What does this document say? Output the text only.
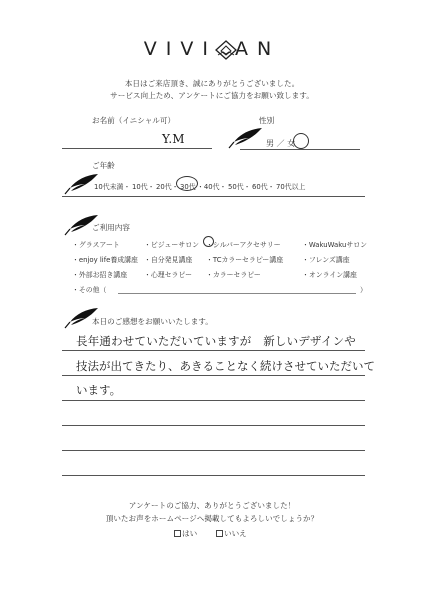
VIVI AN
本日はご来店頂き、誠にありがとうございました。
サービス向上ため、アンケートにご協力をお願い致します。
お名前（イニシャル可）
Y.M
性別
男 ／ 女
ご年齢
10代未満・ 10代・ 20代・ 30代 ・40代・ 50代・ 60代・ 70代以上
ご利用内容
・グラスアート	・ビジューサロン ・シルバーアクセサリー	・WakuWakuサロン
・enjoy life養成講座 ・自分発見講座 ・TCカラーセラピー講座	・フレンズ講座
・外部お招き講座 ・心理セラピー ・カラーセラピー	・オンライン講座
・その他（	）
本日のご感想をお願いいたします。
長年通わせていただいていますが　新しいデザインや
技法が出てきたり、あきることなく続けさせていただいて
います。
アンケートのご協力、ありがとうございました！
頂いたお声をホームページへ掲載してもよろしいでしょうか？
はい	いいえ
